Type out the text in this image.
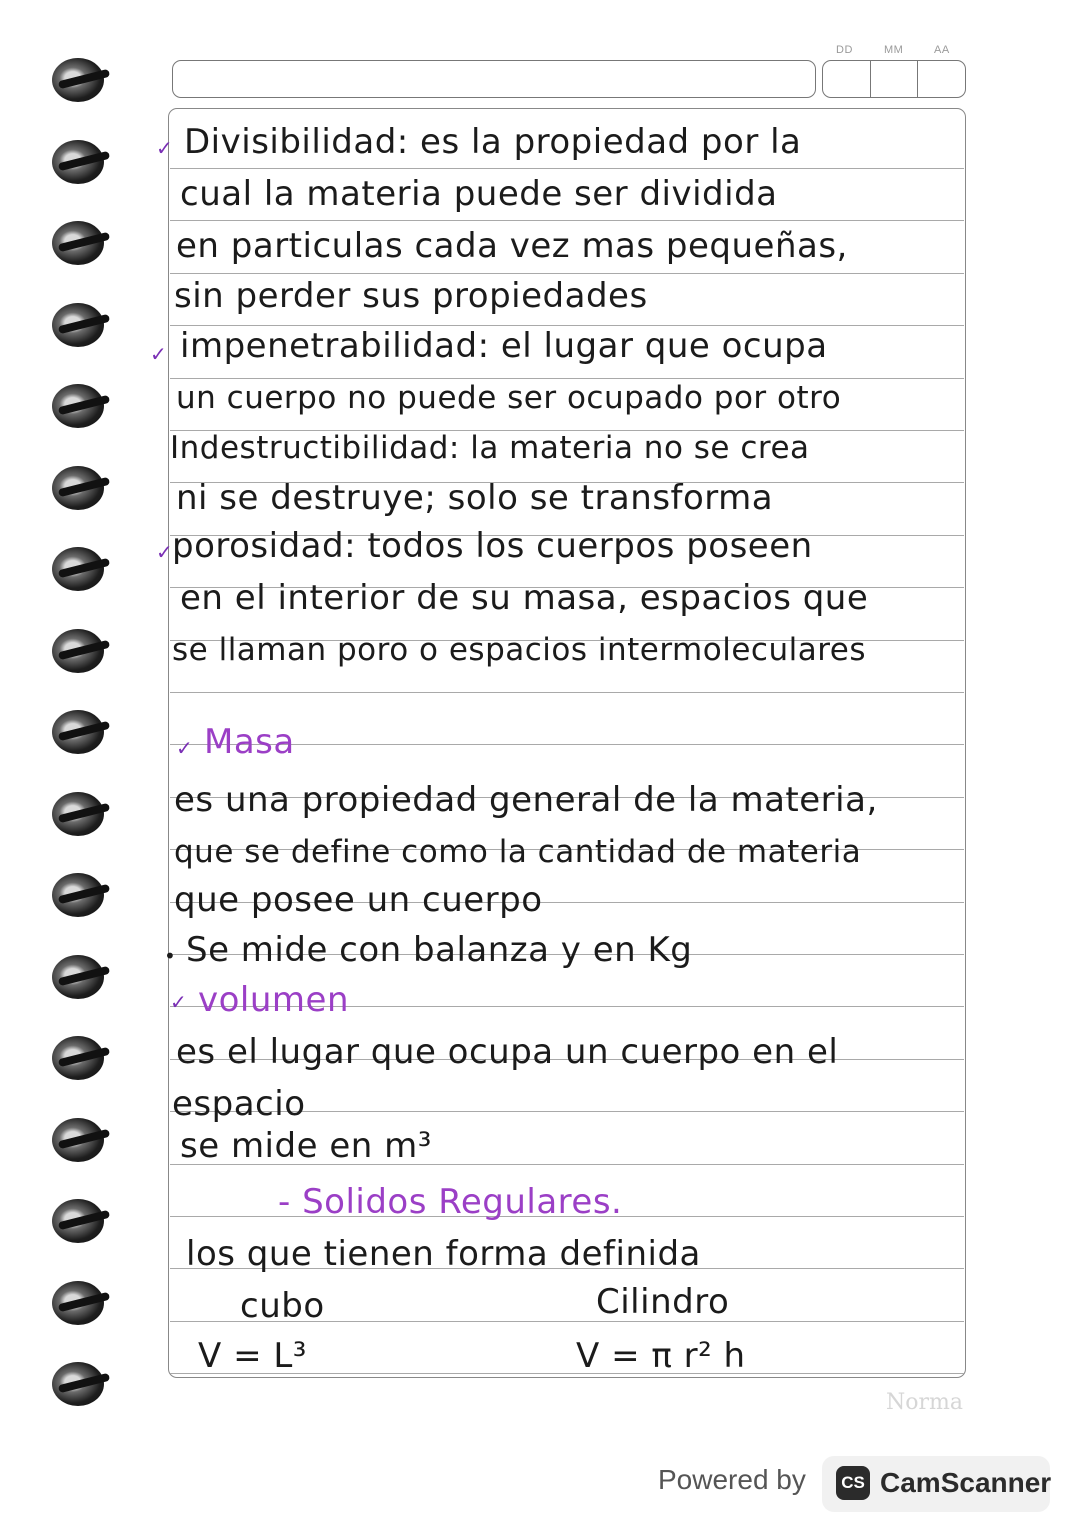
DD	MM	AA
✓
✓
✓
✓
•
✓

Divisibilidad: es la propiedad por la

cual la materia puede ser dividida

en particulas cada vez mas pequeñas,

sin perder sus propiedades

impenetrabilidad: el lugar que ocupa

un cuerpo no puede ser ocupado por otro

Indestructibilidad: la materia no se crea

ni se destruye; solo se transforma

porosidad: todos los cuerpos poseen

en el interior de su masa, espacios que

se llaman poro o espacios intermoleculares

Masa

es una propiedad general de la materia,

que se define como la cantidad de materia

que posee un cuerpo

Se mide con balanza y en Kg

volumen

es el lugar que ocupa un cuerpo en el

espacio

se mide en m³

- Solidos Regulares.

los que tienen forma definida

cubo	Cilindro

V = L³	V = π r² h

Norma
Powered by	CS CamScanner
